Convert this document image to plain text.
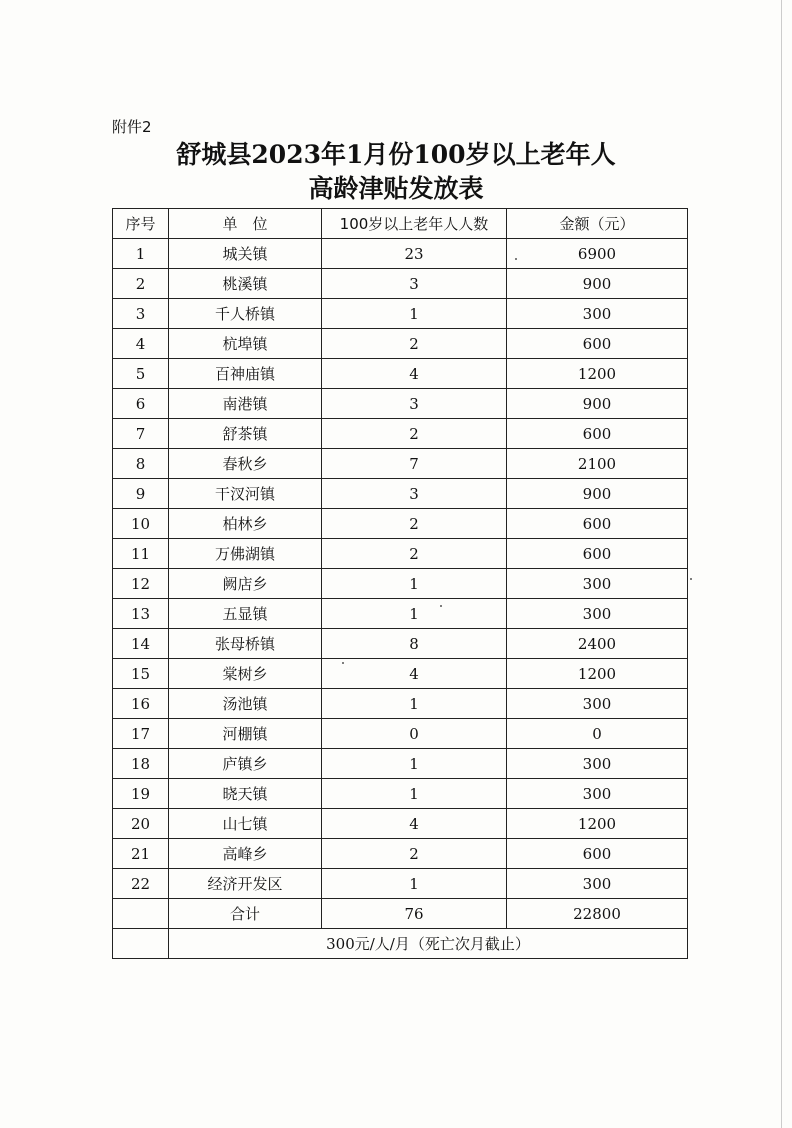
附件2
舒城县2023年1月份100岁以上老年人
高龄津贴发放表
序号	单　位	100岁以上老年人人数	金额（元）
1	城关镇	23	6900
2	桃溪镇	3	900
3	千人桥镇	1	300
4	杭埠镇	2	600
5	百神庙镇	4	1200
6	南港镇	3	900
7	舒茶镇	2	600
8	春秋乡	7	2100
9	干汊河镇	3	900
10	柏林乡	2	600
11	万佛湖镇	2	600
12	阙店乡	1	300
13	五显镇	1	300
14	张母桥镇	8	2400
15	棠树乡	4	1200
16	汤池镇	1	300
17	河棚镇	0	0
18	庐镇乡	1	300
19	晓天镇	1	300
20	山七镇	4	1200
21	高峰乡	2	600
22	经济开发区	1	300
	合计	76	22800
	300元/人/月（死亡次月截止）		
